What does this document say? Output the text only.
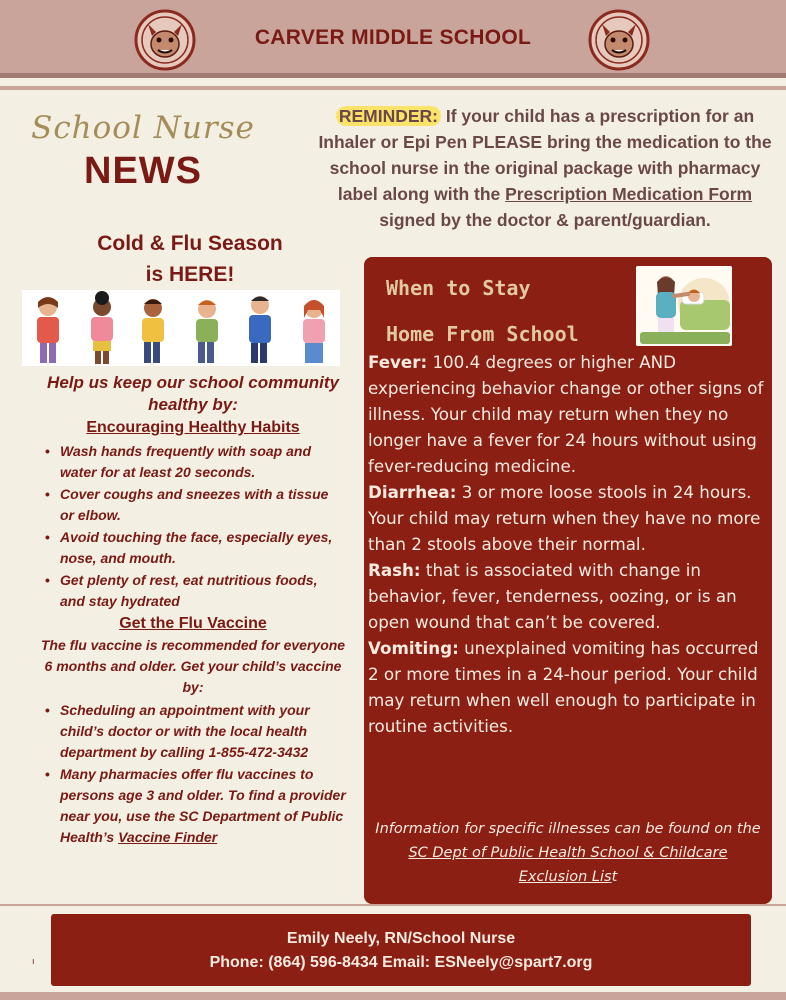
CARVER MIDDLE SCHOOL
School Nurse
NEWS
REMINDER: If your child has a prescription for an Inhaler or Epi Pen PLEASE bring the medication to the school nurse in the original package with pharmacy label along with the Prescription Medication Form signed by the doctor & parent/guardian.
Cold & Flu Season
is HERE!
Help us keep our school community healthy by:
Encouraging Healthy Habits
• Wash hands frequently with soap and water for at least 20 seconds.
• Cover coughs and sneezes with a tissue or elbow.
• Avoid touching the face, especially eyes, nose, and mouth.
• Get plenty of rest, eat nutritious foods, and stay hydrated
Get the Flu Vaccine
The flu vaccine is recommended for everyone 6 months and older. Get your child’s vaccine by:
• Scheduling an appointment with your child’s doctor or with the local health department by calling 1-855-472-3432
• Many pharmacies offer flu vaccines to persons age 3 and older. To find a provider near you, use the SC Department of Public Health’s Vaccine Finder
When to Stay
Home From School

Fever: 100.4 degrees or higher AND experiencing behavior change or other signs of illness. Your child may return when they no longer have a fever for 24 hours without using fever-reducing medicine.

Diarrhea: 3 or more loose stools in 24 hours. Your child may return when they have no more than 2 stools above their normal.

Rash: that is associated with change in behavior, fever, tenderness, oozing, or is an open wound that can’t be covered.

Vomiting: unexplained vomiting has occurred 2 or more times in a 24-hour period. Your child may return when well enough to participate in routine activities.

Information for specific illnesses can be found on the SC Dept of Public Health School & Childcare Exclusion List
Emily Neely, RN/School Nurse
Phone: (864) 596-8434 Email: ESNeely@spart7.org
ı
